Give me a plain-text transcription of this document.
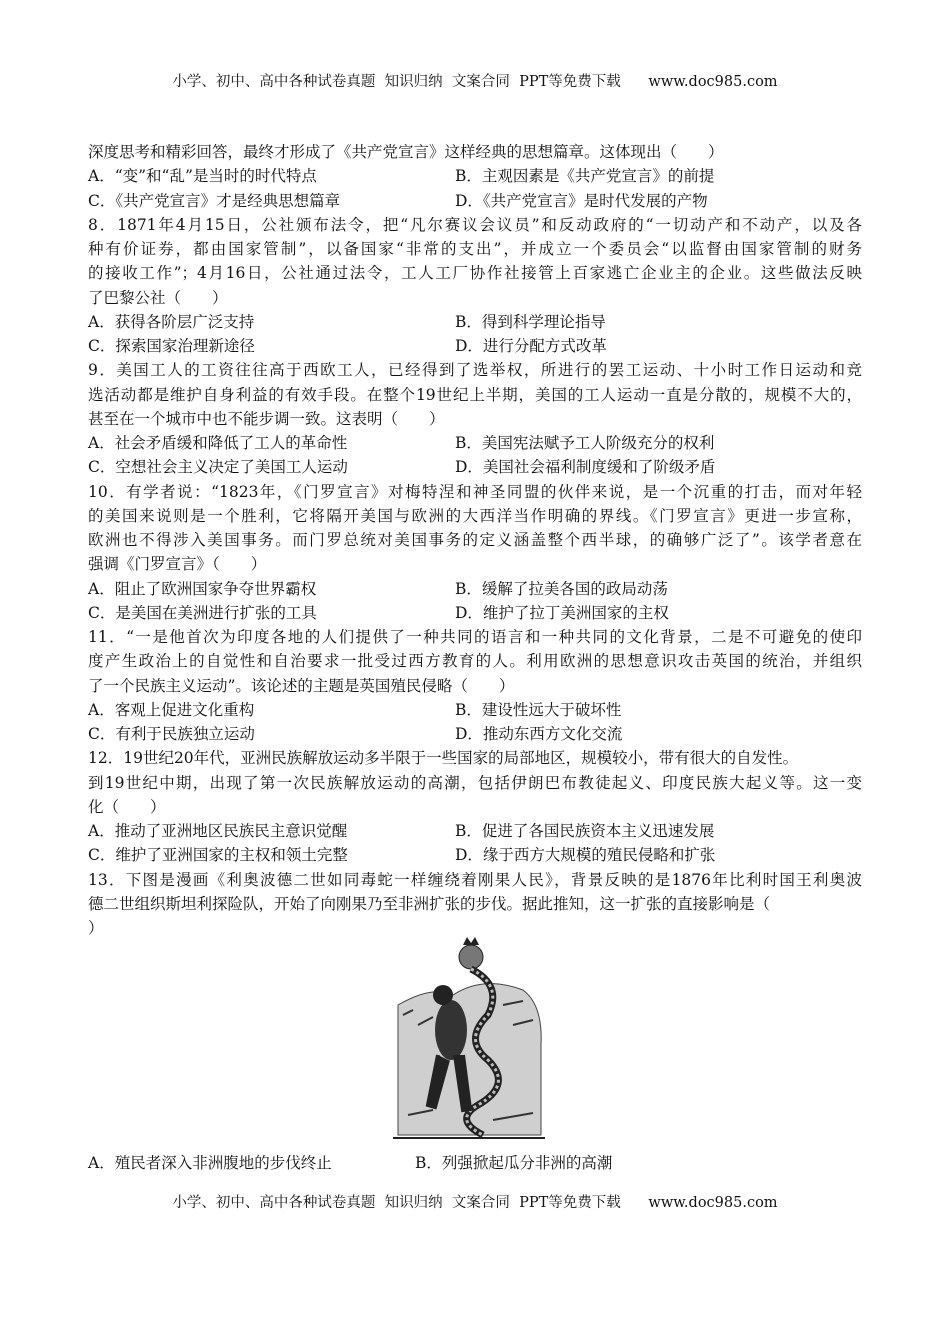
小学、初中、高中各种试卷真题  知识归纳  文案合同  PPT等免费下载      www.doc985.com
深度思考和精彩回答，最终才形成了《共产党宣言》这样经典的思想篇章。这体现出（　　）
A．“变”和“乱”是当时的时代特点	B．主观因素是《共产党宣言》的前提
C．《共产党宣言》才是经典思想篇章	D．《共产党宣言》是时代发展的产物
8．1871年4月15日，公社颁布法令，把“凡尔赛议会议员”和反动政府的“一切动产和不动产，以及各
种有价证券，都由国家管制”，以备国家“非常的支出”，并成立一个委员会“以监督由国家管制的财务
的接收工作”；4月16日，公社通过法令，工人工厂协作社接管上百家逃亡企业主的企业。这些做法反映
了巴黎公社（　　）
A．获得各阶层广泛支持	B．得到科学理论指导
C．探索国家治理新途径	D．进行分配方式改革
9．美国工人的工资往往高于西欧工人，已经得到了选举权，所进行的罢工运动、十小时工作日运动和竞
选活动都是维护自身利益的有效手段。在整个19世纪上半期，美国的工人运动一直是分散的，规模不大的，
甚至在一个城市中也不能步调一致。这表明（　　）
A．社会矛盾缓和降低了工人的革命性	B．美国宪法赋予工人阶级充分的权利
C．空想社会主义决定了美国工人运动	D．美国社会福利制度缓和了阶级矛盾
10．有学者说：“1823年，《门罗宣言》对梅特涅和神圣同盟的伙伴来说，是一个沉重的打击，而对年轻
的美国来说则是一个胜利，它将隔开美国与欧洲的大西洋当作明确的界线。《门罗宣言》更进一步宣称，
欧洲也不得涉入美国事务。而门罗总统对美国事务的定义涵盖整个西半球，的确够广泛了”。该学者意在
强调《门罗宣言》（　　）
A．阻止了欧洲国家争夺世界霸权	B．缓解了拉美各国的政局动荡
C．是美国在美洲进行扩张的工具	D．维护了拉丁美洲国家的主权
11．“一是他首次为印度各地的人们提供了一种共同的语言和一种共同的文化背景，二是不可避免的使印
度产生政治上的自觉性和自治要求一批受过西方教育的人。利用欧洲的思想意识攻击英国的统治，并组织
了一个民族主义运动”。该论述的主题是英国殖民侵略（　　）
A．客观上促进文化重构	B．建设性远大于破坏性
C．有利于民族独立运动	D．推动东西方文化交流
12．19世纪20年代，亚洲民族解放运动多半限于一些国家的局部地区，规模较小，带有很大的自发性。
到19世纪中期，出现了第一次民族解放运动的高潮，包括伊朗巴布教徒起义、印度民族大起义等。这一变
化（　　）
A．推动了亚洲地区民族民主意识觉醒	B．促进了各国民族资本主义迅速发展
C．维护了亚洲国家的主权和领土完整	D．缘于西方大规模的殖民侵略和扩张
13．下图是漫画《利奥波德二世如同毒蛇一样缠绕着刚果人民》，背景反映的是1876年比利时国王利奥波
德二世组织斯坦利探险队，开始了向刚果乃至非洲扩张的步伐。据此推知，这一扩张的直接影响是（
）
A．殖民者深入非洲腹地的步伐终止	B．列强掀起瓜分非洲的高潮
小学、初中、高中各种试卷真题  知识归纳  文案合同  PPT等免费下载      www.doc985.com
